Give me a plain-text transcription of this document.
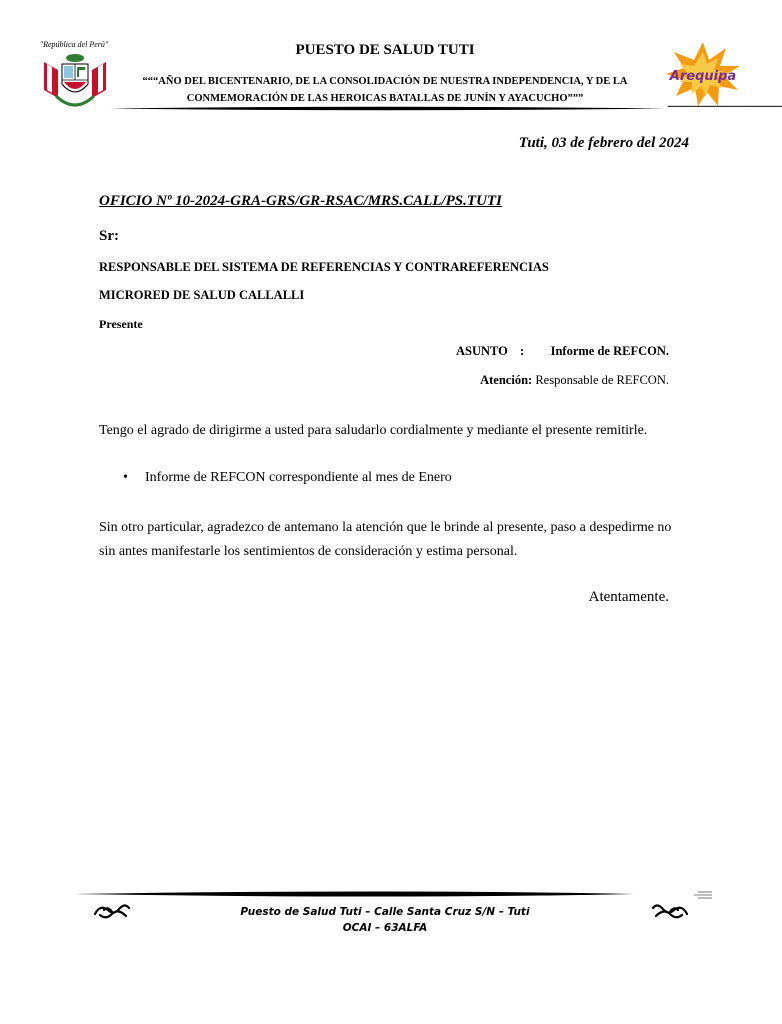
"República del Perú"	PUESTO DE SALUD TUTI
“““AÑO DEL BICENTENARIO, DE LA CONSOLIDACIÓN DE NUESTRA INDEPENDENCIA, Y DE LA
CONMEMORACIÓN DE LAS HEROICAS BATALLAS DE JUNÍN Y AYACUCHO”””
Arequipa
▬▬▬▬▬▬▬▬▬▬▬▬▬▬▬▬▬▬▬▬▬▬▬▬▬▬▬▬▬▬
Tuti, 03 de febrero del 2024
OFICIO Nº 10-2024-GRA-GRS/GR-RSAC/MRS.CALL/PS.TUTI
Sr:
RESPONSABLE DEL SISTEMA DE REFERENCIAS Y CONTRAREFERENCIAS
MICRORED DE SALUD CALLALLI
Presente
ASUNTO : Informe de REFCON.
Atención: Responsable de REFCON.
Tengo el agrado de dirigirme a usted para saludarlo cordialmente y mediante el presente remitirle.
• Informe de REFCON correspondiente al mes de Enero
Sin otro particular, agradezco de antemano la atención que le brinde al presente, paso a despedirme no sin antes manifestarle los sentimientos de consideración y estima personal.
Atentamente.
Puesto de Salud Tuti – Calle Santa Cruz S/N – Tuti
OCAI – 63ALFA
